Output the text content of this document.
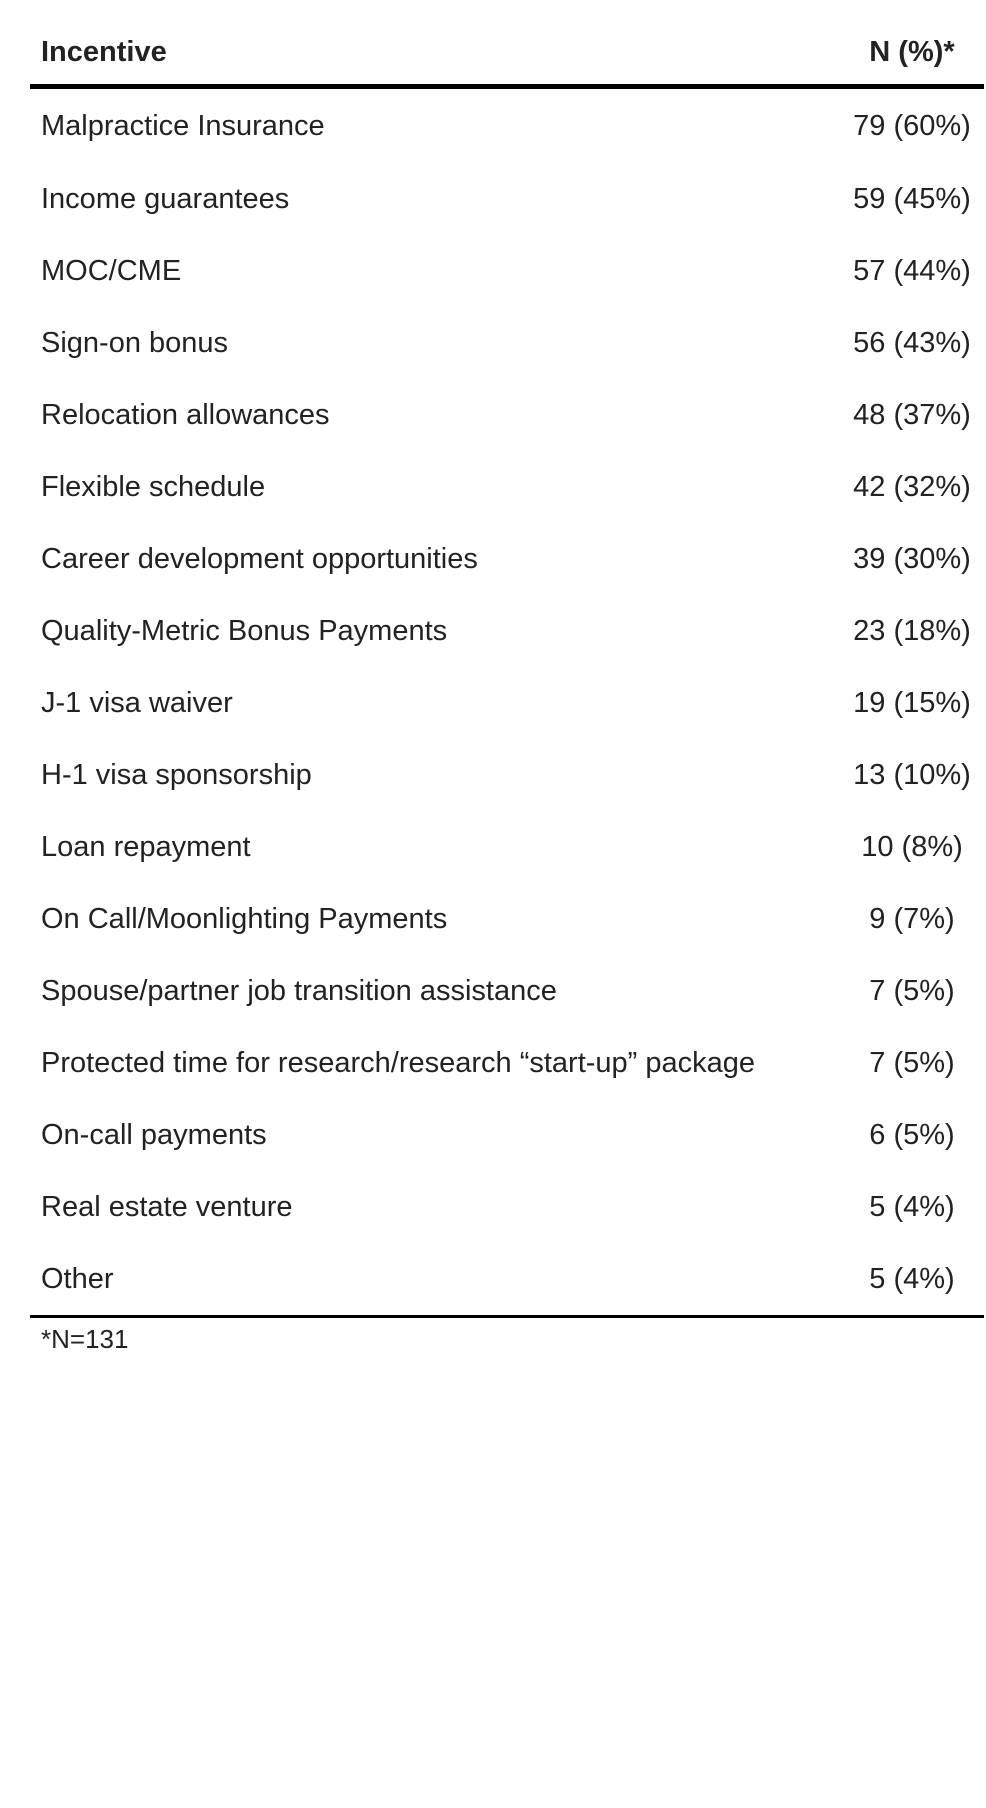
Incentive	N (%)*
Malpractice Insurance	79 (60%)
Income guarantees	59 (45%)
MOC/CME	57 (44%)
Sign-on bonus	56 (43%)
Relocation allowances	48 (37%)
Flexible schedule	42 (32%)
Career development opportunities	39 (30%)
Quality-Metric Bonus Payments	23 (18%)
J-1 visa waiver	19 (15%)
H-1 visa sponsorship	13 (10%)
Loan repayment	10 (8%)
On Call/Moonlighting Payments	9 (7%)
Spouse/partner job transition assistance	7 (5%)
Protected time for research/research “start-up” package	7 (5%)
On-call payments	6 (5%)
Real estate venture	5 (4%)
Other	5 (4%)
*N=131
